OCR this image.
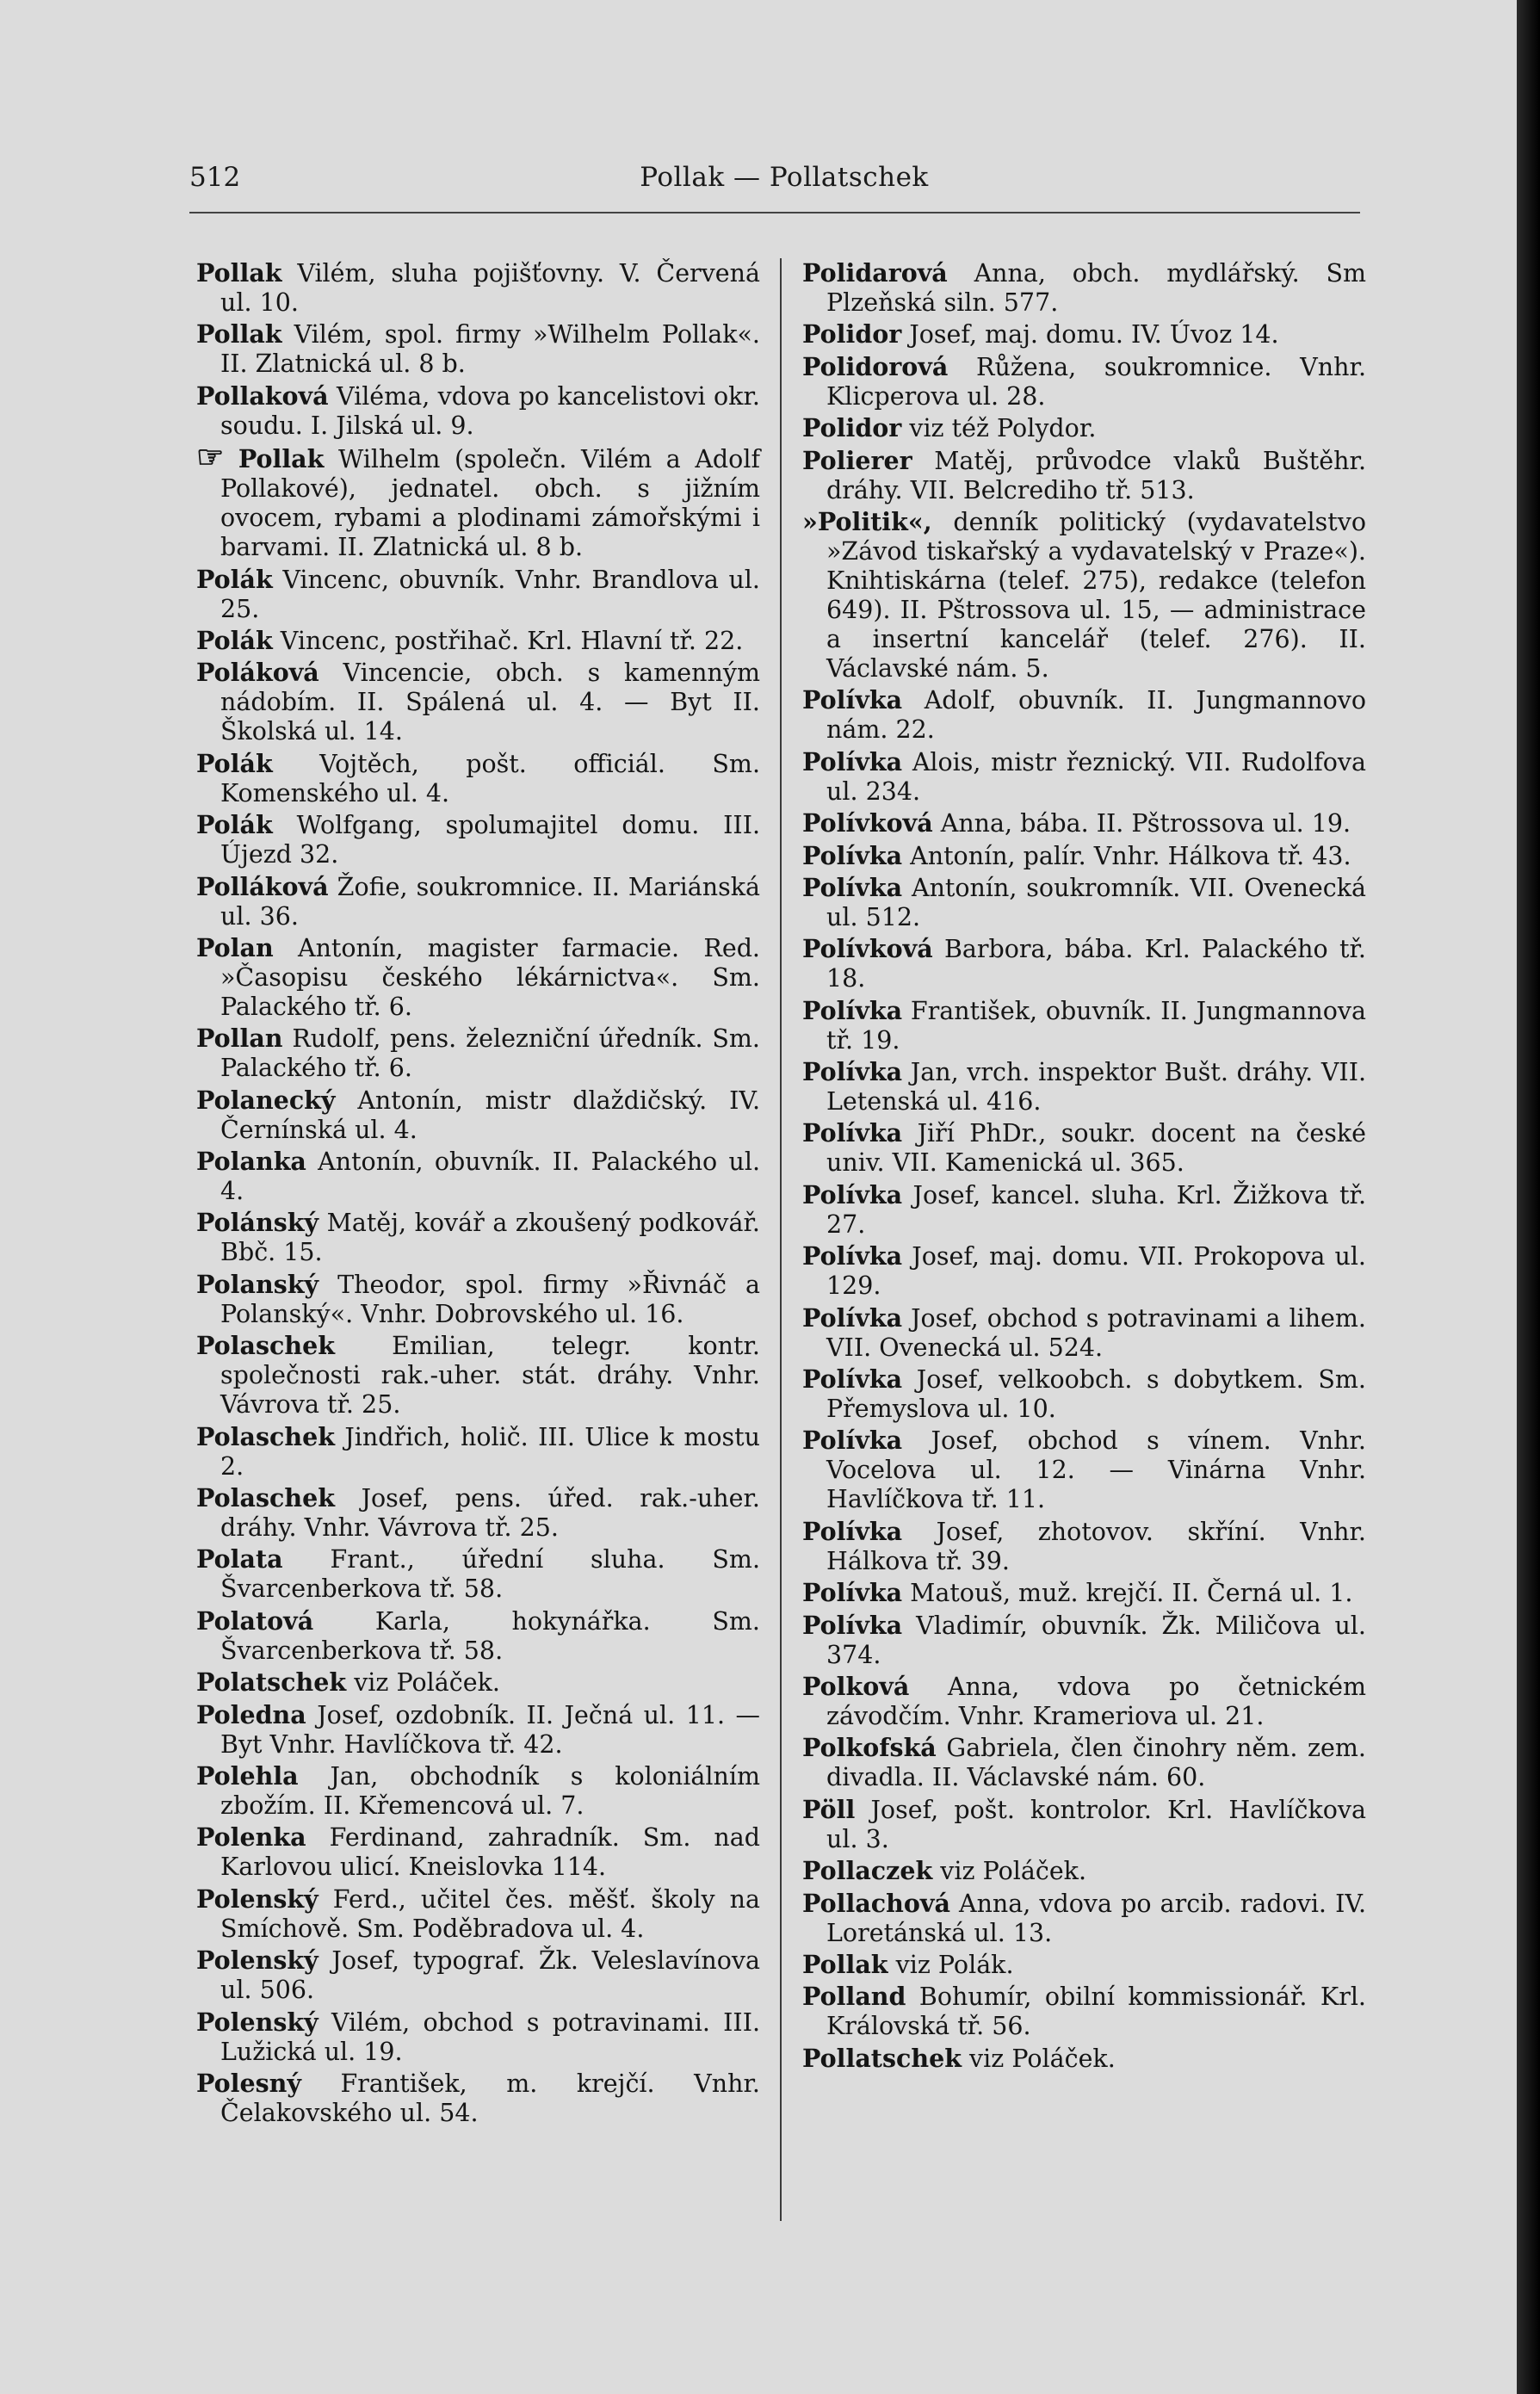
512	Pollak — Pollatschek

Pollak Vilém, sluha pojišťovny. V. Červená ul. 10.

Pollak Vilém, spol. firmy »Wilhelm Pollak«. II. Zlatnická ul. 8 b.

Pollaková Viléma, vdova po kancelistovi okr. soudu. I. Jilská ul. 9.

☞ Pollak Wilhelm (společn. Vilém a Adolf Pollakové), jednatel. obch. s jižním ovocem, rybami a plodinami zámořskými i barvami. II. Zlatnická ul. 8 b.

Polák Vincenc, obuvník. Vnhr. Brandlova ul. 25.

Polák Vincenc, postřihač. Krl. Hlavní tř. 22.

Poláková Vincencie, obch. s kamenným nádobím. II. Spálená ul. 4. — Byt II. Školská ul. 14.

Polák Vojtěch, pošt. officiál. Sm. Komenského ul. 4.

Polák Wolfgang, spolumajitel domu. III. Újezd 32.

Polláková Žofie, soukromnice. II. Mariánská ul. 36.

Polan Antonín, magister farmacie. Red. »Časopisu českého lékárnictva«. Sm. Palackého tř. 6.

Pollan Rudolf, pens. železniční úředník. Sm. Palackého tř. 6.

Polanecký Antonín, mistr dlaždičský. IV. Černínská ul. 4.

Polanka Antonín, obuvník. II. Palackého ul. 4.

Polánský Matěj, kovář a zkoušený podkovář. Bbč. 15.

Polanský Theodor, spol. firmy »Řivnáč a Polanský«. Vnhr. Dobrovského ul. 16.

Polaschek Emilian, telegr. kontr. společnosti rak.-uher. stát. dráhy. Vnhr. Vávrova tř. 25.

Polaschek Jindřich, holič. III. Ulice k mostu 2.

Polaschek Josef, pens. úřed. rak.-uher. dráhy. Vnhr. Vávrova tř. 25.

Polata Frant., úřední sluha. Sm. Švarcenberkova tř. 58.

Polatová	Karla, hokynářka. Sm. Švarcenberkova tř. 58.

Polatschek viz Poláček.

Poledna Josef, ozdobník. II. Ječná ul. 11. — Byt Vnhr. Havlíčkova tř. 42.

Polehla Jan, obchodník s koloniálním zbožím. II. Křemencová ul. 7.

Polenka Ferdinand, zahradník. Sm. nad Karlovou ulicí. Kneislovka 114.

Polenský Ferd., učitel čes. měšť. školy na Smíchově. Sm. Poděbradova ul. 4.

Polenský Josef, typograf. Žk. Veleslavínova ul. 506.

Polenský Vilém, obchod s potravinami. III. Lužická ul. 19.

Polesný František, m. krejčí. Vnhr. Čelakovského ul. 54.

Polidarová Anna, obch. mydlářský. Sm Plzeňská siln. 577.

Polidor Josef, maj. domu. IV. Úvoz 14.

Polidorová Růžena, soukromnice. Vnhr. Klicperova ul. 28.

Polidor viz též Polydor.

Polierer Matěj, průvodce vlaků Buštěhr. dráhy. VII. Belcrediho tř. 513.

»Politik«, denník politický (vydavatelstvo »Závod tiskařský a vydavatelský v Praze«). Knihtiskárna (telef. 275), redakce (telefon 649). II. Pštrossova ul. 15, — administrace a insertní kancelář (telef. 276). II. Václavské nám. 5.

Polívka Adolf, obuvník. II. Jungmannovo nám. 22.

Polívka Alois, mistr řeznický. VII. Rudolfova ul. 234.

Polívková Anna, bába. II. Pštrossova ul. 19.

Polívka Antonín, palír. Vnhr. Hálkova tř. 43.

Polívka Antonín, soukromník. VII. Ovenecká ul. 512.

Polívková Barbora, bába. Krl. Palackého tř. 18.

Polívka František, obuvník. II. Jungmannova tř. 19.

Polívka Jan, vrch. inspektor Bušt. dráhy. VII. Letenská ul. 416.

Polívka Jiří PhDr., soukr. docent na české univ. VII. Kamenická ul. 365.

Polívka Josef, kancel. sluha. Krl. Žižkova tř. 27.

Polívka Josef, maj. domu. VII. Prokopova ul. 129.

Polívka Josef, obchod s potravinami a lihem. VII. Ovenecká ul. 524.

Polívka Josef, velkoobch. s dobytkem. Sm. Přemyslova ul. 10.

Polívka Josef, obchod s vínem. Vnhr. Vocelova ul. 12. — Vinárna Vnhr. Havlíčkova tř. 11.

Polívka Josef, zhotovov. skříní. Vnhr. Hálkova tř. 39.

Polívka Matouš, muž. krejčí. II. Černá ul. 1.

Polívka Vladimír, obuvník. Žk. Miličova ul. 374.

Polková Anna, vdova po četnickém závodčím. Vnhr. Krameriova ul. 21.

Polkofská Gabriela, člen činohry něm. zem. divadla. II. Václavské nám. 60.

Pöll Josef, pošt. kontrolor. Krl. Havlíčkova ul. 3.

Pollaczek viz Poláček.

Pollachová Anna, vdova po arcib. radovi. IV. Loretánská ul. 13.

Pollak viz Polák.

Polland Bohumír, obilní kommissionář. Krl. Královská tř. 56.

Pollatschek viz Poláček.
